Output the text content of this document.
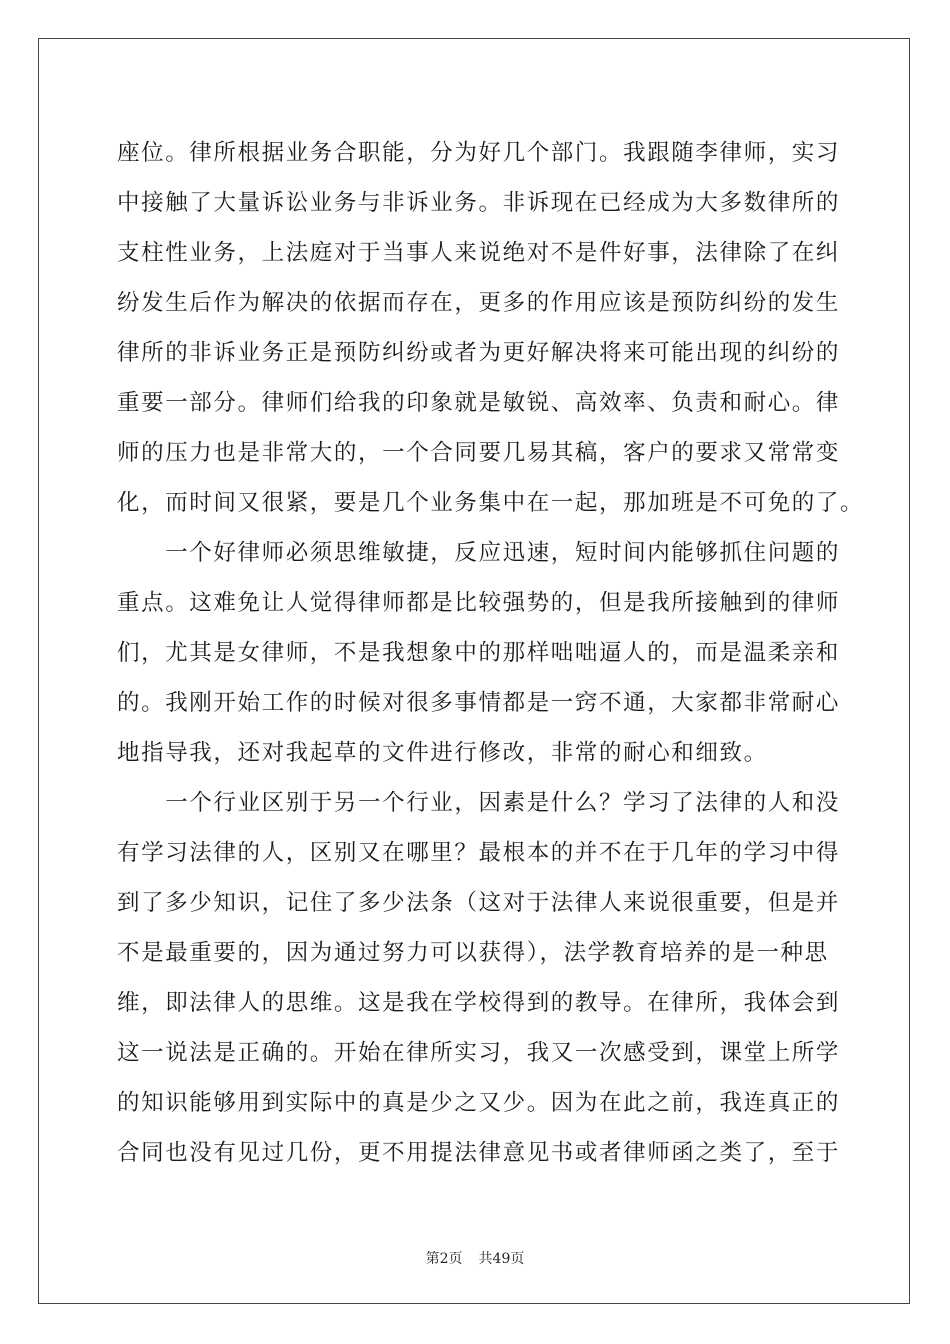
座位。律所根据业务合职能，分为好几个部门。我跟随李律师，实习
中接触了大量诉讼业务与非诉业务。非诉现在已经成为大多数律所的
支柱性业务，上法庭对于当事人来说绝对不是件好事，法律除了在纠
纷发生后作为解决的依据而存在，更多的作用应该是预防纠纷的发生
律所的非诉业务正是预防纠纷或者为更好解决将来可能出现的纠纷的
重要一部分。律师们给我的印象就是敏锐、高效率、负责和耐心。律
师的压力也是非常大的，一个合同要几易其稿，客户的要求又常常变
化，而时间又很紧，要是几个业务集中在一起，那加班是不可免的了。
　　一个好律师必须思维敏捷，反应迅速，短时间内能够抓住问题的
重点。这难免让人觉得律师都是比较强势的，但是我所接触到的律师
们，尤其是女律师，不是我想象中的那样咄咄逼人的，而是温柔亲和
的。我刚开始工作的时候对很多事情都是一窍不通，大家都非常耐心
地指导我，还对我起草的文件进行修改，非常的耐心和细致。
　　一个行业区别于另一个行业，因素是什么？学习了法律的人和没
有学习法律的人，区别又在哪里？最根本的并不在于几年的学习中得
到了多少知识，记住了多少法条（这对于法律人来说很重要，但是并
不是最重要的，因为通过努力可以获得），法学教育培养的是一种思
维，即法律人的思维。这是我在学校得到的教导。在律所，我体会到
这一说法是正确的。开始在律所实习，我又一次感受到，课堂上所学
的知识能够用到实际中的真是少之又少。因为在此之前，我连真正的
合同也没有见过几份，更不用提法律意见书或者律师函之类了，至于
第2页 共49页
